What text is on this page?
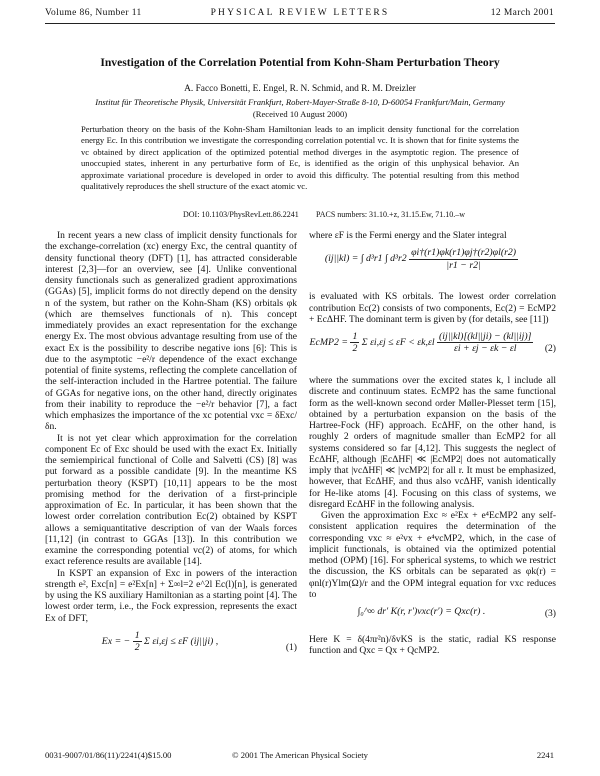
Volume 86, Number 11	PHYSICAL REVIEW LETTERS	12 March 2001
Investigation of the Correlation Potential from Kohn-Sham Perturbation Theory
A. Facco Bonetti, E. Engel, R. N. Schmid, and R. M. Dreizler
Institut für Theoretische Physik, Universität Frankfurt, Robert-Mayer-Straße 8-10, D-60054 Frankfurt/Main, Germany
(Received 10 August 2000)
Perturbation theory on the basis of the Kohn-Sham Hamiltonian leads to an implicit density functional for the correlation energy Ec. In this contribution we investigate the corresponding correlation potential vc. It is shown that for finite systems the vc obtained by direct application of the optimized potential method diverges in the asymptotic region. The presence of unoccupied states, inherent in any perturbative form of Ec, is identified as the origin of this unphysical behavior. An approximate variational procedure is developed in order to avoid this difficulty. The potential resulting from this method qualitatively reproduces the shell structure of the exact atomic vc.
DOI: 10.1103/PhysRevLett.86.2241 PACS numbers: 31.10.+z, 31.15.Ew, 71.10.–w

In recent years a new class of implicit density functionals for the exchange-correlation (xc) energy Exc, the central quantity of density functional theory (DFT) [1], has attracted considerable interest [2,3]—for an overview, see [4]. Unlike conventional density functionals such as generalized gradient approximations (GGAs) [5], implicit forms do not directly depend on the density n of the system, but rather on the Kohn-Sham (KS) orbitals φk (which are themselves functionals of n). This concept immediately provides an exact representation for the exchange energy Ex. The most obvious advantage resulting from use of the exact Ex is the possibility to describe negative ions [6]: This is due to the asymptotic −e²/r dependence of the exact exchange potential of finite systems, reflecting the complete cancellation of the self-interaction included in the Hartree potential. The failure of GGAs for negative ions, on the other hand, directly originates from their inability to reproduce the −e²/r behavior [7], a fact which emphasizes the importance of the xc potential vxc = δExc/δn.

It is not yet clear which approximation for the correlation component Ec of Exc should be used with the exact Ex. Initially the semiempirical functional of Colle and Salvetti (CS) [8] was put forward as a possible candidate [9]. In the meantime KS perturbation theory (KSPT) [10,11] appears to be the most promising method for the derivation of a first-principle approximation of Ec. In particular, it has been shown that the lowest order correlation contribution Ec(2) obtained by KSPT allows a semiquantitative description of van der Waals forces [11,12] (in contrast to GGAs [13]). In this contribution we examine the corresponding potential vc(2) of atoms, for which exact reference results are available [14].

In KSPT an expansion of Exc in powers of the interaction strength e², Exc[n] = e²Ex[n] + Σ∞l=2 e^2l Ec(l)[n], is generated by using the KS auxiliary Hamiltonian as a starting point [4]. The lowest order term, i.e., the Fock expression, represents the exact Ex of DFT,

Ex = − $\frac{1}{2}$ Σ εi,εj ≤ εF (ij||ji) ,
(1)

where εF is the Fermi energy and the Slater integral

(ij||kl) = ∫ d³r1 ∫ $d^3r2 \frac{\varphi i\dagger(r1)\varphi k(r1)\varphi j\dagger(r2)\varphi l(r2)}{|r1 - r2|}$

is evaluated with KS orbitals. The lowest order correlation contribution Ec(2) consists of two components, Ec(2) = EcMP2 + EcΔHF. The dominant term is given by (for details, see [11])

EcMP2 = $\frac{1}{2}$ Σ $\varepsilon i,\varepsilon j \le \varepsilon F < \varepsilon k,\varepsilon l \frac{(ij||kl)[(kl||ji) - (kl||ij)]}{\varepsilon i + \varepsilon j - \varepsilon k - \varepsilon l} (2)$

where the summations over the excited states k, l include all discrete and continuum states. EcMP2 has the same functional form as the well-known second order Møller-Plesset term [15], obtained by a perturbation expansion on the basis of the Hartree-Fock (HF) approach. EcΔHF, on the other hand, is roughly 2 orders of magnitude smaller than EcMP2 for all systems considered so far [4,12]. This suggests the neglect of EcΔHF, although |EcΔHF| ≪ |EcMP2| does not automatically imply that |vcΔHF| ≪ |vcMP2| for all r. It must be emphasized, however, that EcΔHF, and thus also vcΔHF, vanish identically for He-like atoms [4]. Focusing on this class of systems, we disregard EcΔHF in the following analysis.

Given the approximation Exc ≈ e²Ex + e⁴EcMP2 any self-consistent application requires the determination of the corresponding vxc ≈ e²vx + e⁴vcMP2, which, in the case of implicit functionals, is obtained via the optimized potential method (OPM) [16]. For spherical systems, to which we restrict the discussion, the KS orbitals can be separated as φk(r) = φnl(r)Ylm(Ω)/r and the OPM integral equation for vxc reduces to

∫₀^∞ dr′ K(r, r′)vxc(r′) = Qxc(r) .	(3)

Here K = δ(4πr²n)/δvKS is the static, radial KS response function and Qxc = Qx + QcMP2.

0031-9007/01/86(11)/2241(4)$15.00	© 2001 The American Physical Society	2241
